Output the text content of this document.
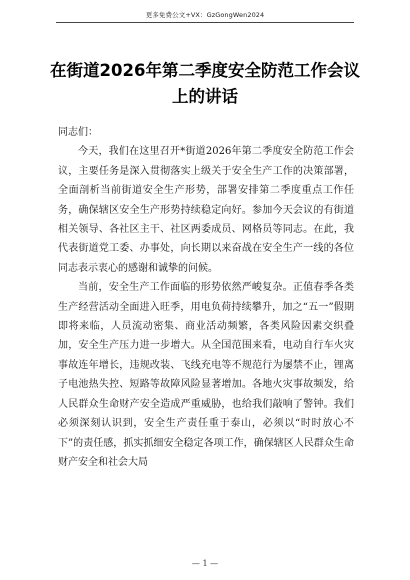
更多免费公文+VX：GzGongWen2024
在街道2026年第二季度安全防范工作会议上的讲话

同志们：

今天，我们在这里召开*街道2026年第二季度安全防范工作会议，主要任务是深入贯彻落实上级关于安全生产工作的决策部署，全面剖析当前街道安全生产形势，部署安排第二季度重点工作任务，确保辖区安全生产形势持续稳定向好。参加今天会议的有街道相关领导、各社区主干、社区两委成员、网格员等同志。在此，我代表街道党工委、办事处，向长期以来奋战在安全生产一线的各位同志表示衷心的感谢和诚挚的问候。

当前，安全生产工作面临的形势依然严峻复杂。正值春季各类生产经营活动全面进入旺季，用电负荷持续攀升，加之“五一”假期即将来临，人员流动密集、商业活动频繁，各类风险因素交织叠加，安全生产压力进一步增大。从全国范围来看，电动自行车火灾事故连年增长，违规改装、飞线充电等不规范行为屡禁不止，锂离子电池热失控、短路等故障风险显著增加。各地火灾事故频发，给人民群众生命财产安全造成严重威胁，也给我们敲响了警钟。我们必须深刻认识到，安全生产责任重于泰山，必须以“时时放心不下”的责任感，抓实抓细安全稳定各项工作，确保辖区人民群众生命财产安全和社会大局

— 1 —
